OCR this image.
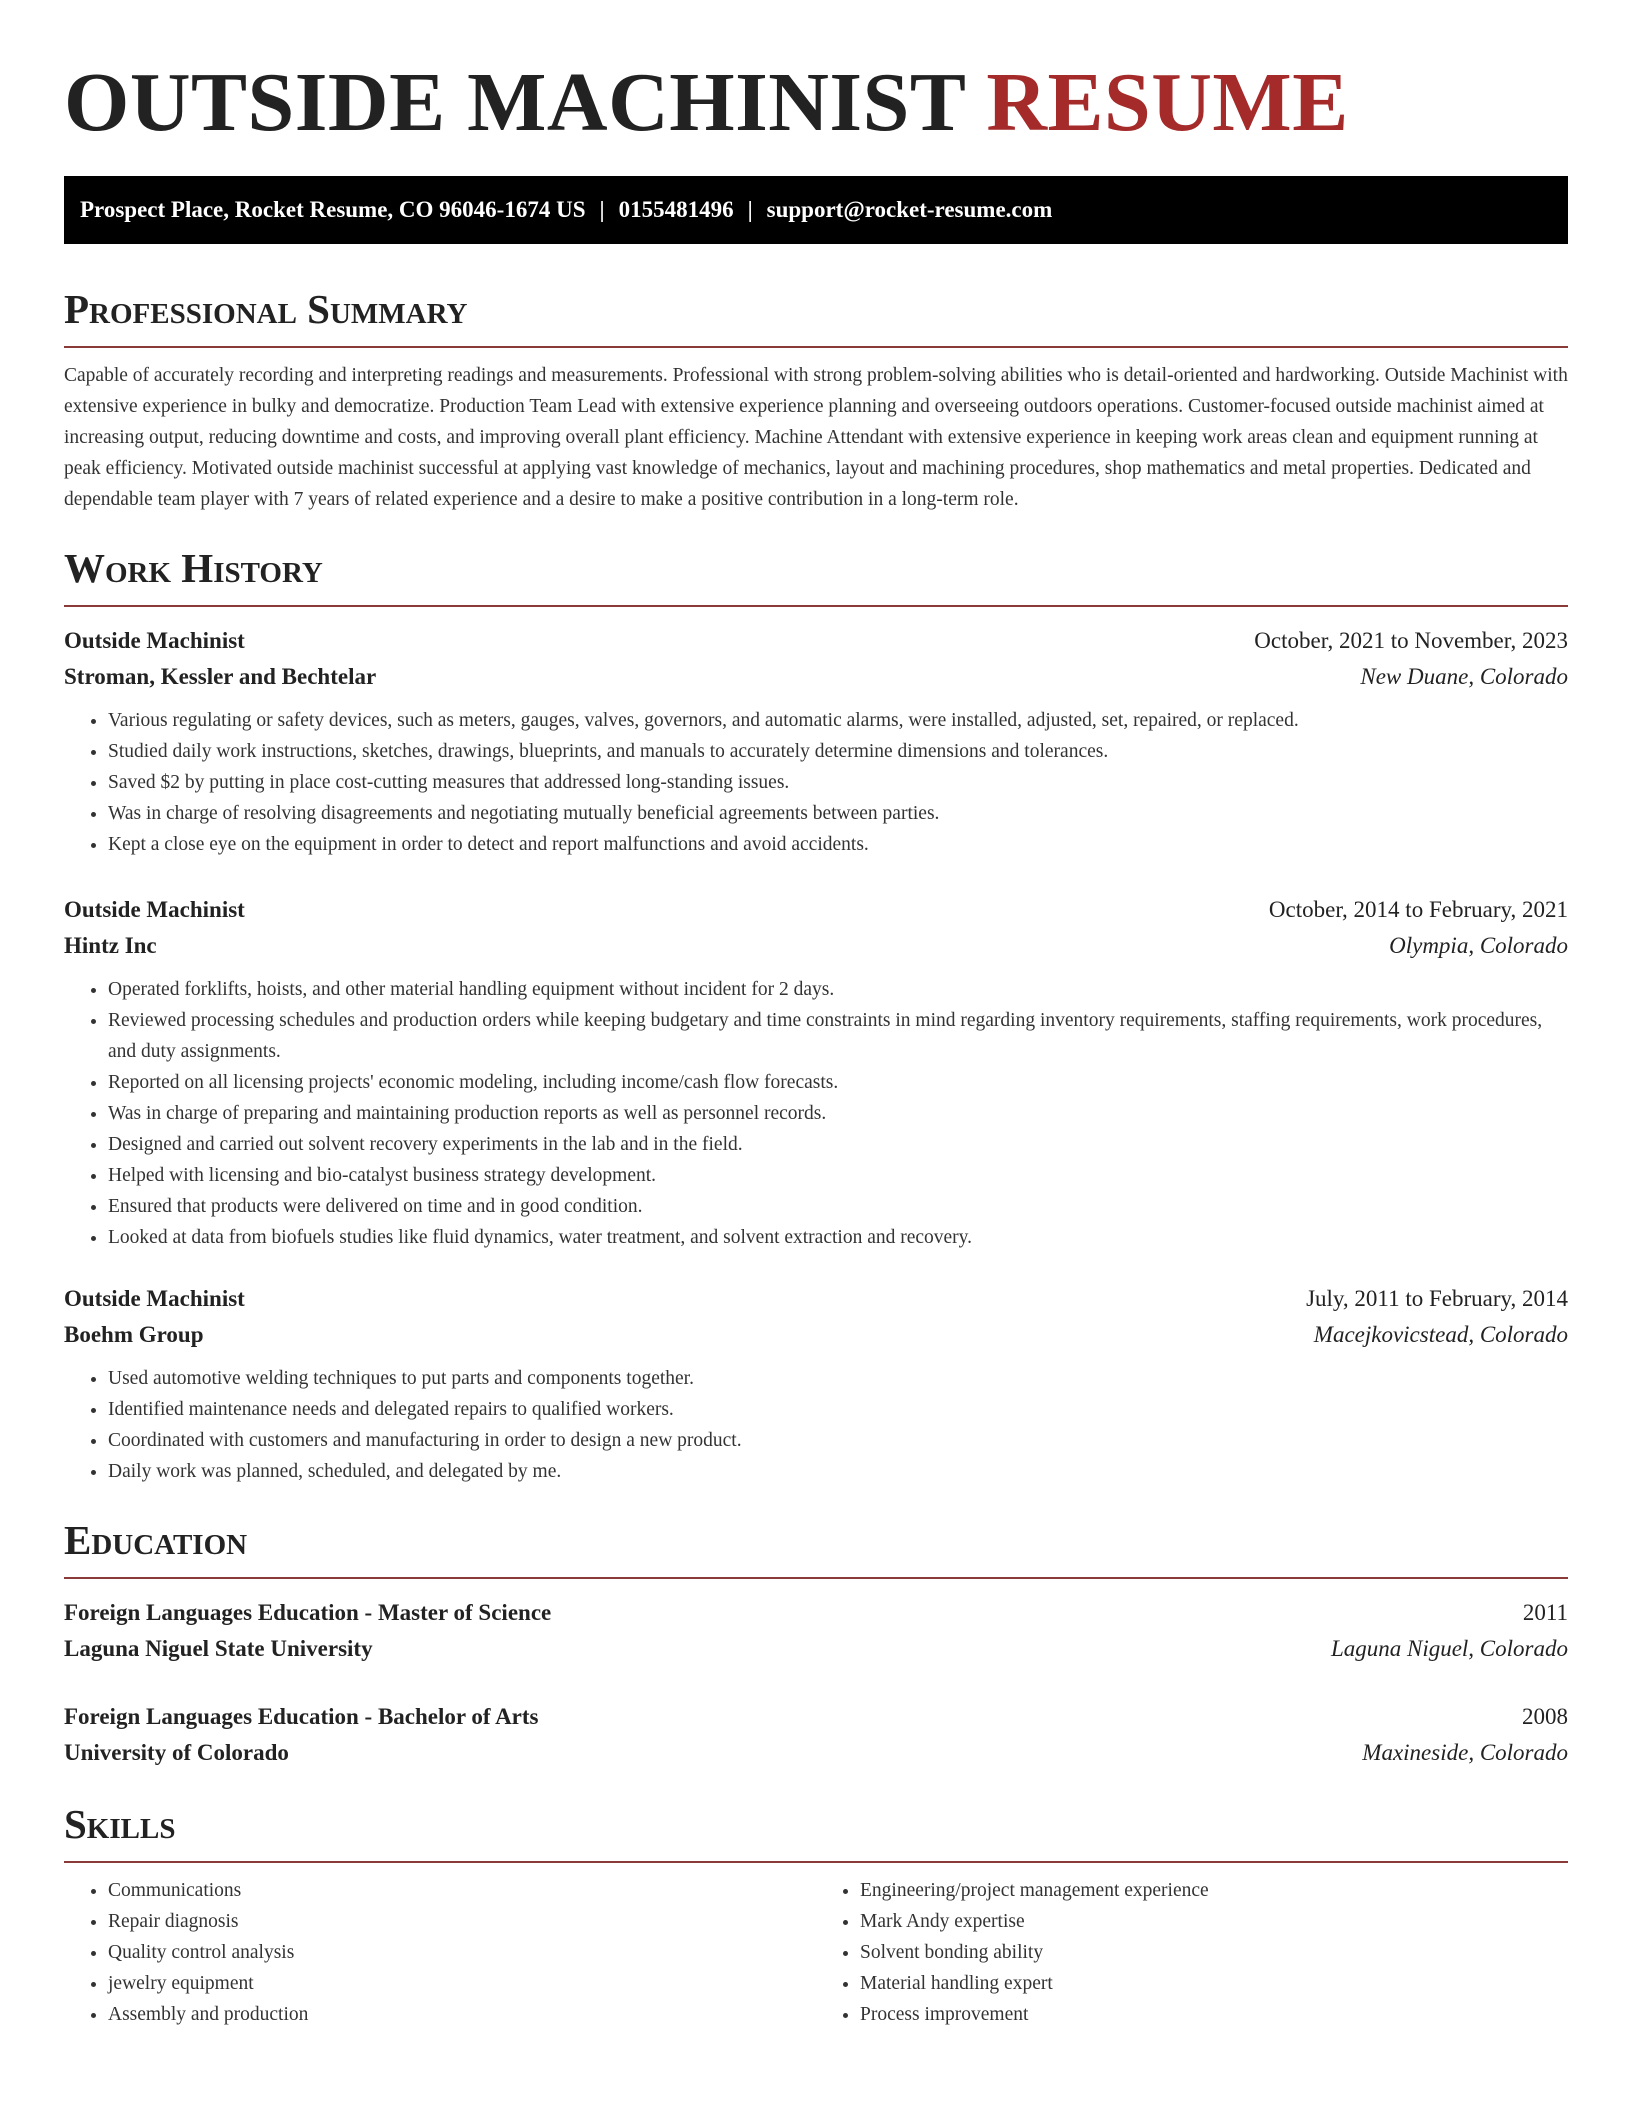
OUTSIDE MACHINIST RESUME
Prospect Place, Rocket Resume, CO 96046-1674 US | 0155481496 | support@rocket-resume.com
Professional Summary

Capable of accurately recording and interpreting readings and measurements. Professional with strong problem-solving abilities who is detail-oriented and hardworking. Outside Machinist with extensive experience in bulky and democratize. Production Team Lead with extensive experience planning and overseeing outdoors operations. Customer-focused outside machinist aimed at increasing output, reducing downtime and costs, and improving overall plant efficiency. Machine Attendant with extensive experience in keeping work areas clean and equipment running at peak efficiency. Motivated outside machinist successful at applying vast knowledge of mechanics, layout and machining procedures, shop mathematics and metal properties. Dedicated and dependable team player with 7 years of related experience and a desire to make a positive contribution in a long-term role.

Work History
Outside Machinist	October, 2021 to November, 2023
Stroman, Kessler and Bechtelar	New Duane, Colorado
• Various regulating or safety devices, such as meters, gauges, valves, governors, and automatic alarms, were installed, adjusted, set, repaired, or replaced.
• Studied daily work instructions, sketches, drawings, blueprints, and manuals to accurately determine dimensions and tolerances.
• Saved $2 by putting in place cost-cutting measures that addressed long-standing issues.
• Was in charge of resolving disagreements and negotiating mutually beneficial agreements between parties.
• Kept a close eye on the equipment in order to detect and report malfunctions and avoid accidents.
Outside Machinist	October, 2014 to February, 2021
Hintz Inc	Olympia, Colorado
• Operated forklifts, hoists, and other material handling equipment without incident for 2 days.
• Reviewed processing schedules and production orders while keeping budgetary and time constraints in mind regarding inventory requirements, staffing requirements, work procedures, and duty assignments.
• Reported on all licensing projects' economic modeling, including income/cash flow forecasts.
• Was in charge of preparing and maintaining production reports as well as personnel records.
• Designed and carried out solvent recovery experiments in the lab and in the field.
• Helped with licensing and bio-catalyst business strategy development.
• Ensured that products were delivered on time and in good condition.
• Looked at data from biofuels studies like fluid dynamics, water treatment, and solvent extraction and recovery.
Outside Machinist	July, 2011 to February, 2014
Boehm Group	Macejkovicstead, Colorado
• Used automotive welding techniques to put parts and components together.
• Identified maintenance needs and delegated repairs to qualified workers.
• Coordinated with customers and manufacturing in order to design a new product.
• Daily work was planned, scheduled, and delegated by me.
Education
Foreign Languages Education - Master of Science	2011
Laguna Niguel State University	Laguna Niguel, Colorado
Foreign Languages Education - Bachelor of Arts	2008
University of Colorado	Maxineside, Colorado
Skills
• Communications
• Repair diagnosis
• Quality control analysis
• jewelry equipment
• Assembly and production
• Engineering/project management experience
• Mark Andy expertise
• Solvent bonding ability
• Material handling expert
• Process improvement
